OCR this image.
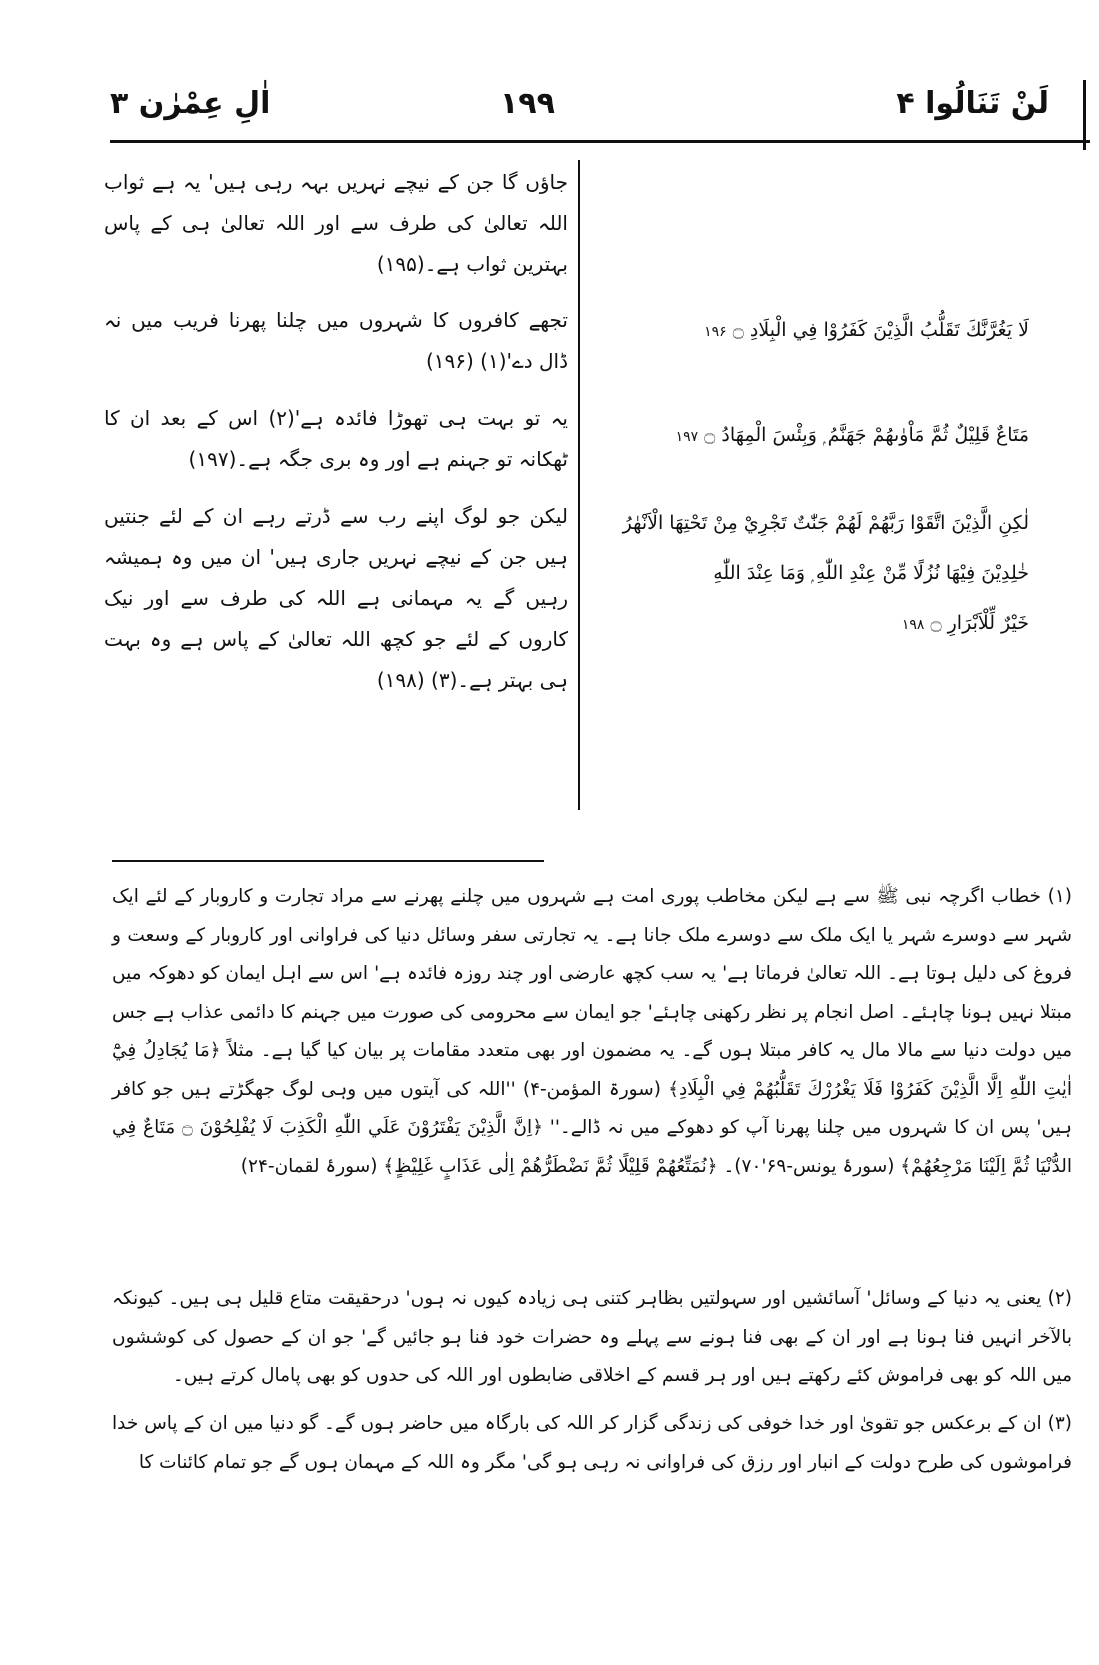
لَنْ تَنَالُوا ۴
۱۹۹
اٰلِ عِمْرٰن ۳
جاؤں گا جن کے نیچے نہریں بہہ رہی ہیں' یہ ہے ثواب اللہ تعالیٰ کی طرف سے اور اللہ تعالیٰ ہی کے پاس بہترین ثواب ہے۔(۱۹۵)
تجھے کافروں کا شہروں میں چلنا پھرنا فریب میں نہ ڈال دے'(۱) (۱۹۶)
یہ تو بہت ہی تھوڑا فائدہ ہے'(۲) اس کے بعد ان کا ٹھکانہ تو جہنم ہے اور وہ بری جگہ ہے۔(۱۹۷)
لیکن جو لوگ اپنے رب سے ڈرتے رہے ان کے لئے جنتیں ہیں جن کے نیچے نہریں جاری ہیں' ان میں وہ ہمیشہ رہیں گے یہ مہمانی ہے اللہ کی طرف سے اور نیک کاروں کے لئے جو کچھ اللہ تعالیٰ کے پاس ہے وہ بہت ہی بہتر ہے۔(۳) (۱۹۸)
لَا يَغُرَّنَّكَ تَقَلُّبُ الَّذِيْنَ كَفَرُوْا فِي الْبِلَادِ ۝ ۱۹۶
مَتَاعٌ قَلِيْلٌ ثُمَّ مَاْوٰىهُمْ جَهَنَّمُ ۭ وَبِئْسَ الْمِهَادُ ۝ ۱۹۷
لٰكِنِ الَّذِيْنَ اتَّقَوْا رَبَّھُمْ لَھُمْ جَنّٰتٌ تَجْرِيْ مِنْ تَحْتِهَا الْاَنْهٰرُ
خٰلِدِيْنَ فِيْهَا نُزُلًا مِّنْ عِنْدِ اللّٰهِ ۭ وَمَا عِنْدَ اللّٰهِ
خَيْرٌ لِّلْاَبْرَارِ ۝ ۱۹۸
(۱) خطاب اگرچہ نبی ﷺ سے ہے لیکن مخاطب پوری امت ہے شہروں میں چلنے پھرنے سے مراد تجارت و کاروبار کے لئے ایک شہر سے دوسرے شہر یا ایک ملک سے دوسرے ملک جانا ہے۔ یہ تجارتی سفر وسائل دنیا کی فراوانی اور کاروبار کے وسعت و فروغ کی دلیل ہوتا ہے۔ اللہ تعالیٰ فرماتا ہے' یہ سب کچھ عارضی اور چند روزہ فائدہ ہے' اس سے اہل ایمان کو دھوکہ میں مبتلا نہیں ہونا چاہئے۔ اصل انجام پر نظر رکھنی چاہئے' جو ایمان سے محرومی کی صورت میں جہنم کا دائمی عذاب ہے جس میں دولت دنیا سے مالا مال یہ کافر مبتلا ہوں گے۔ یہ مضمون اور بھی متعدد مقامات پر بیان کیا گیا ہے۔ مثلاً ﴿مَا يُجَادِلُ فِيْٓ اٰيٰتِ اللّٰهِ اِلَّا الَّذِيْنَ كَفَرُوْا فَلَا يَغْرُرْكَ تَقَلُّبُهُمْ فِي الْبِلَادِ﴾ (سورۃ المؤمن-۴) ''اللہ کی آیتوں میں وہی لوگ جھگڑتے ہیں جو کافر ہیں' پس ان کا شہروں میں چلنا پھرنا آپ کو دھوکے میں نہ ڈالے۔'' ﴿اِنَّ الَّذِيْنَ يَفْتَرُوْنَ عَلَي اللّٰهِ الْكَذِبَ لَا يُفْلِحُوْنَ ۝ مَتَاعٌ فِي الدُّنْيَا ثُمَّ اِلَيْنَا مَرْجِعُهُمْ﴾ (سورۂ یونس-۶۹'۷۰)۔ ﴿نُمَتِّعُهُمْ قَلِيْلًا ثُمَّ نَضْطَرُّهُمْ اِلٰى عَذَابٍ غَلِيْظٍ﴾ (سورۂ لقمان-۲۴)
(۲) یعنی یہ دنیا کے وسائل' آسائشیں اور سہولتیں بظاہر کتنی ہی زیادہ کیوں نہ ہوں' درحقیقت متاع قلیل ہی ہیں۔ کیونکہ بالآخر انہیں فنا ہونا ہے اور ان کے بھی فنا ہونے سے پہلے وہ حضرات خود فنا ہو جائیں گے' جو ان کے حصول کی کوششوں میں اللہ کو بھی فراموش کئے رکھتے ہیں اور ہر قسم کے اخلاقی ضابطوں اور اللہ کی حدوں کو بھی پامال کرتے ہیں۔
(۳) ان کے برعکس جو تقویٰ اور خدا خوفی کی زندگی گزار کر اللہ کی بارگاہ میں حاضر ہوں گے۔ گو دنیا میں ان کے پاس خدا فراموشوں کی طرح دولت کے انبار اور رزق کی فراوانی نہ رہی ہو گی' مگر وہ اللہ کے مہمان ہوں گے جو تمام کائنات کا
